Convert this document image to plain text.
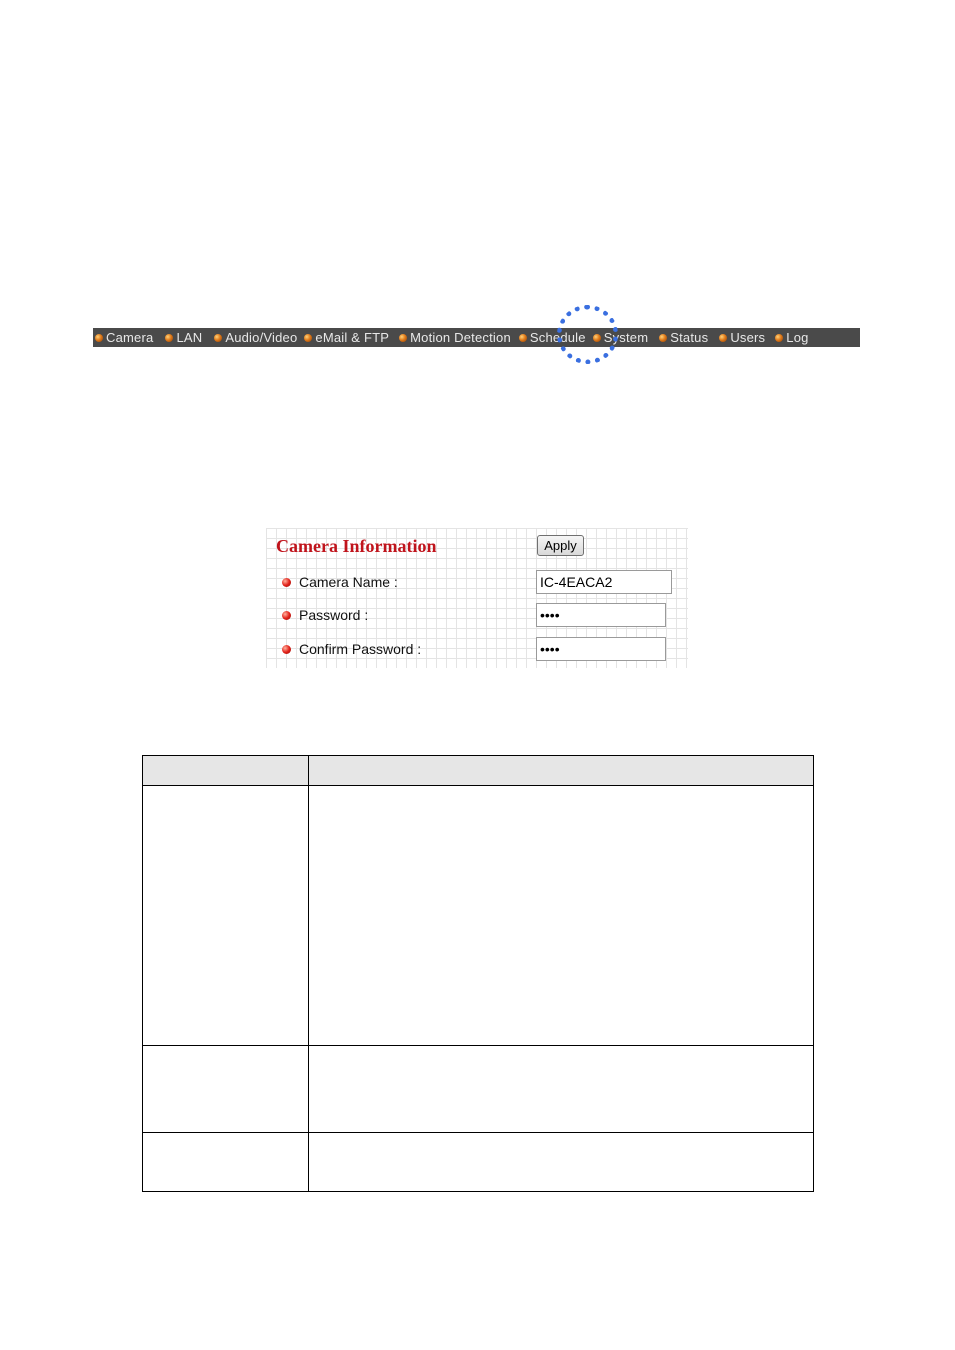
Camera LAN Audio/Video eMail & FTP Motion Detection Schedule System Status Users Log
Camera Information	Apply
Camera Name :
IC-4EACA2
Password :
••••
Confirm Password :
••••
